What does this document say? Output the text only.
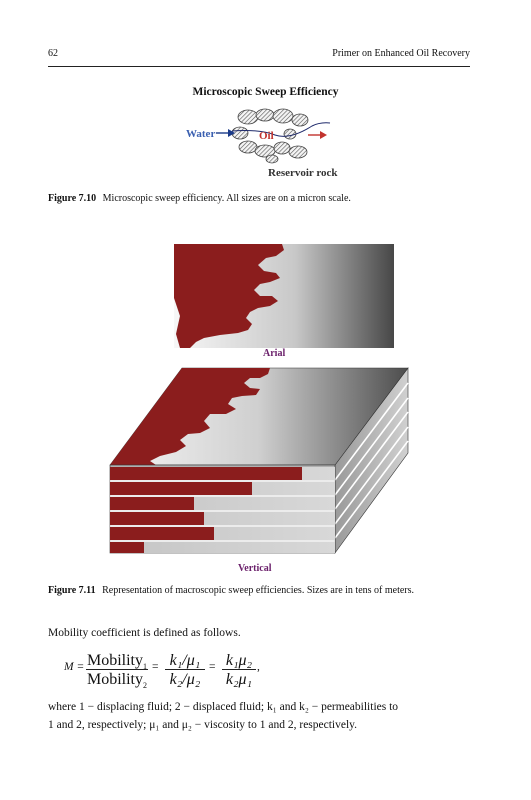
62	Primer on Enhanced Oil Recovery
Microscopic Sweep Efficiency
Water	Oil
Reservoir rock
Figure 7.10 Microscopic sweep efficiency. All sizes are on a micron scale.
Arial
Vertical
Figure 7.11 Representation of macroscopic sweep efficiencies. Sizes are in tens of meters.
Mobility coefficient is defined as follows.
M = Mobility$_1$
Mobility$_2$
= k₁/μ₁
k₂/μ₂
= k₁μ₂
k₂μ₁
,
where 1 − displacing fluid; 2 − displaced fluid; k₁ and k₂ − permeabilities to
1 and 2, respectively; μ₁ and μ₂ − viscosity to 1 and 2, respectively.
